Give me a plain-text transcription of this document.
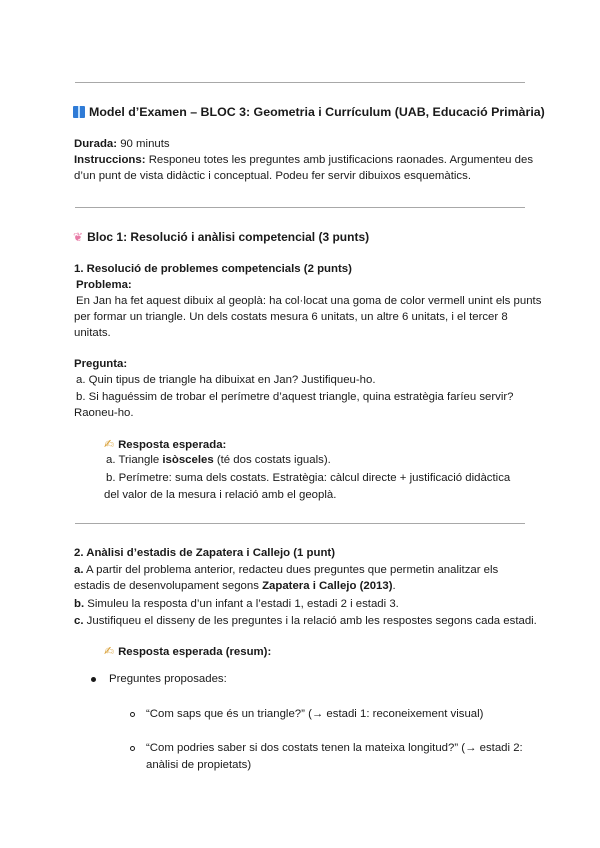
Model d’Examen – BLOC 3: Geometria i Currículum (UAB, Educació Primària)
Durada: 90 minuts
Instruccions: Responeu totes les preguntes amb justificacions raonades. Argumenteu des
d’un punt de vista didàctic i conceptual. Podeu fer servir dibuixos esquemàtics.
❦ Bloc 1: Resolució i anàlisi competencial (3 punts)
1. Resolució de problemes competencials (2 punts)
Problema:
En Jan ha fet aquest dibuix al geoplà: ha col·locat una goma de color vermell unint els punts
per formar un triangle. Un dels costats mesura 6 unitats, un altre 6 unitats, i el tercer 8
unitats.
Pregunta:
a. Quin tipus de triangle ha dibuixat en Jan? Justifiqueu-ho.
b. Si haguéssim de trobar el perímetre d’aquest triangle, quina estratègia faríeu servir?
Raoneu-ho.
✍ Resposta esperada:
a. Triangle isòsceles (té dos costats iguals).
b. Perímetre: suma dels costats. Estratègia: càlcul directe + justificació didàctica
del valor de la mesura i relació amb el geoplà.
2. Anàlisi d’estadis de Zapatera i Callejo (1 punt)
a. A partir del problema anterior, redacteu dues preguntes que permetin analitzar els
estadis de desenvolupament segons Zapatera i Callejo (2013).
b. Simuleu la resposta d’un infant a l’estadi 1, estadi 2 i estadi 3.
c. Justifiqueu el disseny de les preguntes i la relació amb les respostes segons cada estadi.
✍ Resposta esperada (resum):
Preguntes proposades:
“Com saps que és un triangle?” (→ estadi 1: reconeixement visual)
“Com podries saber si dos costats tenen la mateixa longitud?” (→ estadi 2:
anàlisi de propietats)
